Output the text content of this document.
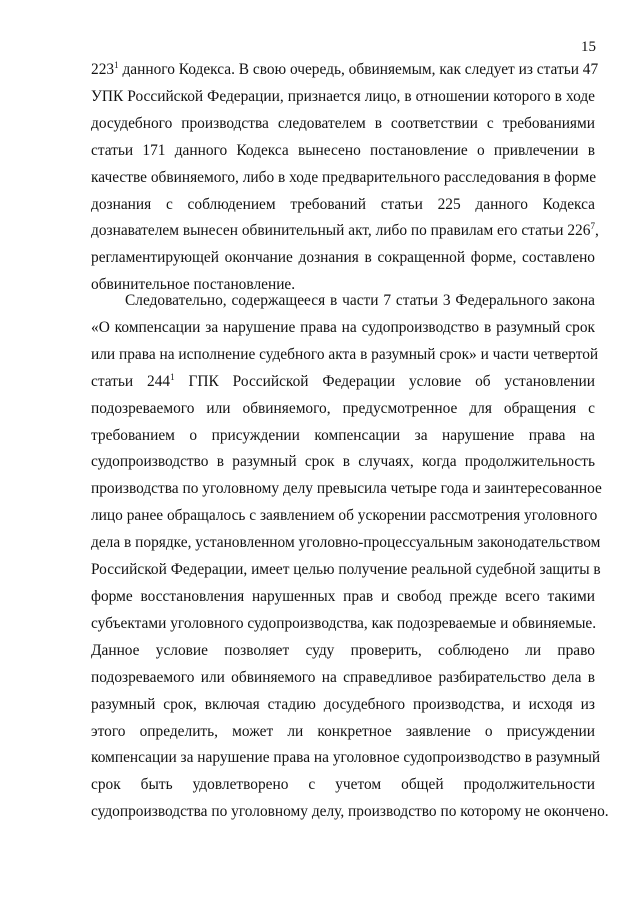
15
$223^1$ данного Кодекса. В свою очередь, обвиняемым, как следует из статьи 47
УПК Российской Федерации, признается лицо, в отношении которого в ходе
досудебного производства следователем в соответствии с требованиями
статьи 171 данного Кодекса вынесено постановление о привлечении в
качестве обвиняемого, либо в ходе предварительного расследования в форме
дознания с соблюдением требований статьи 225 данного Кодекса
дознавателем вынесен обвинительный акт, либо по правилам его статьи $226^7$,
регламентирующей окончание дознания в сокращенной форме, составлено
обвинительное постановление.
Следовательно, содержащееся в части 7 статьи 3 Федерального закона
«О компенсации за нарушение права на судопроизводство в разумный срок
или права на исполнение судебного акта в разумный срок» и части четвертой
статьи $244^1$ ГПК Российской Федерации условие об установлении
подозреваемого или обвиняемого, предусмотренное для обращения с
требованием о присуждении компенсации за нарушение права на
судопроизводство в разумный срок в случаях, когда продолжительность
производства по уголовному делу превысила четыре года и заинтересованное
лицо ранее обращалось с заявлением об ускорении рассмотрения уголовного
дела в порядке, установленном уголовно-процессуальным законодательством
Российской Федерации, имеет целью получение реальной судебной защиты в
форме восстановления нарушенных прав и свобод прежде всего такими
субъектами уголовного судопроизводства, как подозреваемые и обвиняемые.
Данное условие позволяет суду проверить, соблюдено ли право
подозреваемого или обвиняемого на справедливое разбирательство дела в
разумный срок, включая стадию досудебного производства, и исходя из
этого определить, может ли конкретное заявление о присуждении
компенсации за нарушение права на уголовное судопроизводство в разумный
срок быть удовлетворено с учетом общей продолжительности
судопроизводства по уголовному делу, производство по которому не окончено.
